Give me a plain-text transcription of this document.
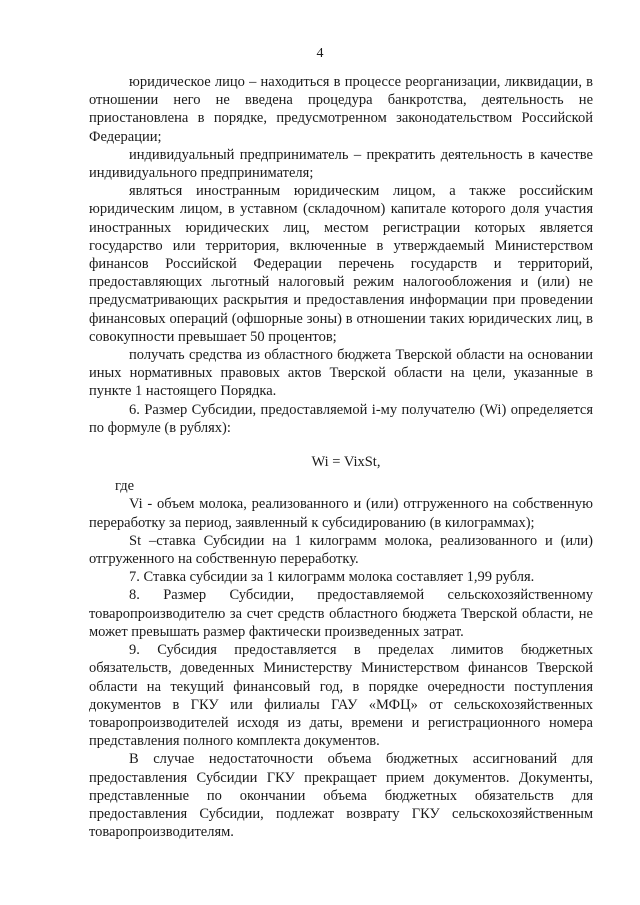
4

юридическое лицо – находиться в процессе реорганизации, ликвидации, в отношении него не введена процедура банкротства, деятельность не приостановлена в порядке, предусмотренном законодательством Российской Федерации;

индивидуальный предприниматель – прекратить деятельность в качестве индивидуального предпринимателя;

являться иностранным юридическим лицом, а также российским юридическим лицом, в уставном (складочном) капитале которого доля участия иностранных юридических лиц, местом регистрации которых является государство или территория, включенные в утверждаемый Министерством финансов Российской Федерации перечень государств и территорий, предоставляющих льготный налоговый режим налогообложения и (или) не предусматривающих раскрытия и предоставления информации при проведении финансовых операций (офшорные зоны) в отношении таких юридических лиц, в совокупности превышает 50 процентов;

получать средства из областного бюджета Тверской области на основании иных нормативных правовых актов Тверской области на цели, указанные в пункте 1 настоящего Порядка.

6. Размер Субсидии, предоставляемой i-му получателю (Wi) определяется по формуле (в рублях):

Wi = VixSt,

где

Vi - объем молока, реализованного и (или) отгруженного на собственную переработку за период, заявленный к субсидированию (в килограммах);

St –ставка Субсидии на 1 килограмм молока, реализованного и (или) отгруженного на собственную переработку.

7. Ставка субсидии за 1 килограмм молока составляет 1,99 рубля.

8. Размер Субсидии, предоставляемой сельскохозяйственному товаропроизводителю за счет средств областного бюджета Тверской области, не может превышать размер фактически произведенных затрат.

9. Субсидия предоставляется в пределах лимитов бюджетных обязательств, доведенных Министерству Министерством финансов Тверской области на текущий финансовый год, в порядке очередности поступления документов в ГКУ или филиалы ГАУ «МФЦ» от сельскохозяйственных товаропроизводителей исходя из даты, времени и регистрационного номера представления полного комплекта документов.

В случае недостаточности объема бюджетных ассигнований для предоставления Субсидии ГКУ прекращает прием документов. Документы, представленные по окончании объема бюджетных обязательств для предоставления Субсидии, подлежат возврату ГКУ сельскохозяйственным товаропроизводителям.
